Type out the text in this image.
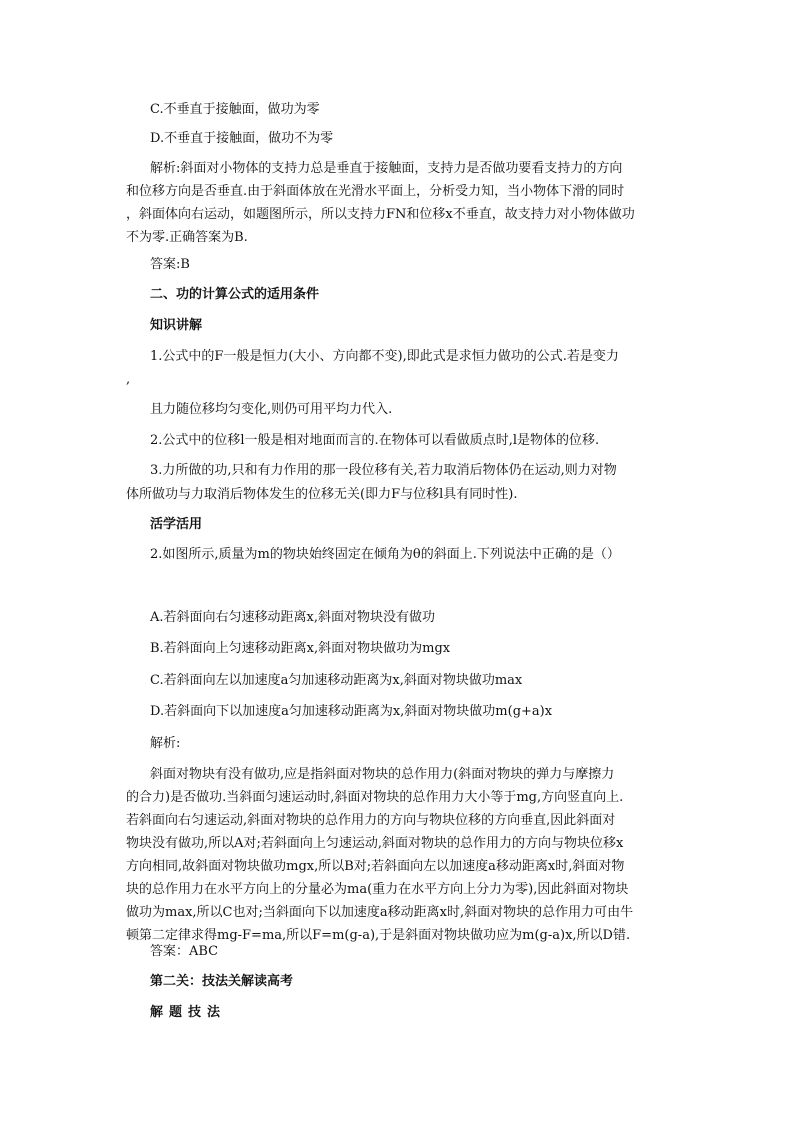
C.不垂直于接触面，做功为零
D.不垂直于接触面，做功不为零
解析:斜面对小物体的支持力总是垂直于接触面，支持力是否做功要看支持力的方向
和位移方向是否垂直.由于斜面体放在光滑水平面上，分析受力知，当小物体下滑的同时
，斜面体向右运动，如题图所示，所以支持力FN和位移x不垂直，故支持力对小物体做功
不为零.正确答案为B.
答案:B
二、功的计算公式的适用条件
知识讲解
1.公式中的F一般是恒力(大小、方向都不变),即此式是求恒力做功的公式.若是变力
,
且力随位移均匀变化,则仍可用平均力代入.
2.公式中的位移l一般是相对地面而言的.在物体可以看做质点时,l是物体的位移.
3.力所做的功,只和有力作用的那一段位移有关,若力取消后物体仍在运动,则力对物
体所做功与力取消后物体发生的位移无关(即力F与位移l具有同时性).
活学活用
2.如图所示,质量为m的物块始终固定在倾角为θ的斜面上.下列说法中正确的是（）
A.若斜面向右匀速移动距离x,斜面对物块没有做功
B.若斜面向上匀速移动距离x,斜面对物块做功为mgx
C.若斜面向左以加速度a匀加速移动距离为x,斜面对物块做功max
D.若斜面向下以加速度a匀加速移动距离为x,斜面对物块做功m(g+a)x
解析:
斜面对物块有没有做功,应是指斜面对物块的总作用力(斜面对物块的弹力与摩擦力
的合力)是否做功.当斜面匀速运动时,斜面对物块的总作用力大小等于mg,方向竖直向上.
若斜面向右匀速运动,斜面对物块的总作用力的方向与物块位移的方向垂直,因此斜面对
物块没有做功,所以A对;若斜面向上匀速运动,斜面对物块的总作用力的方向与物块位移x
方向相同,故斜面对物块做功mgx,所以B对;若斜面向左以加速度a移动距离x时,斜面对物
块的总作用力在水平方向上的分量必为ma(重力在水平方向上分力为零),因此斜面对物块
做功为max,所以C也对;当斜面向下以加速度a移动距离x时,斜面对物块的总作用力可由牛
顿第二定律求得mg-F=ma,所以F=m(g-a),于是斜面对物块做功应为m(g-a)x,所以D错.
答案：ABC
第二关：技法关解读高考
解题技法
